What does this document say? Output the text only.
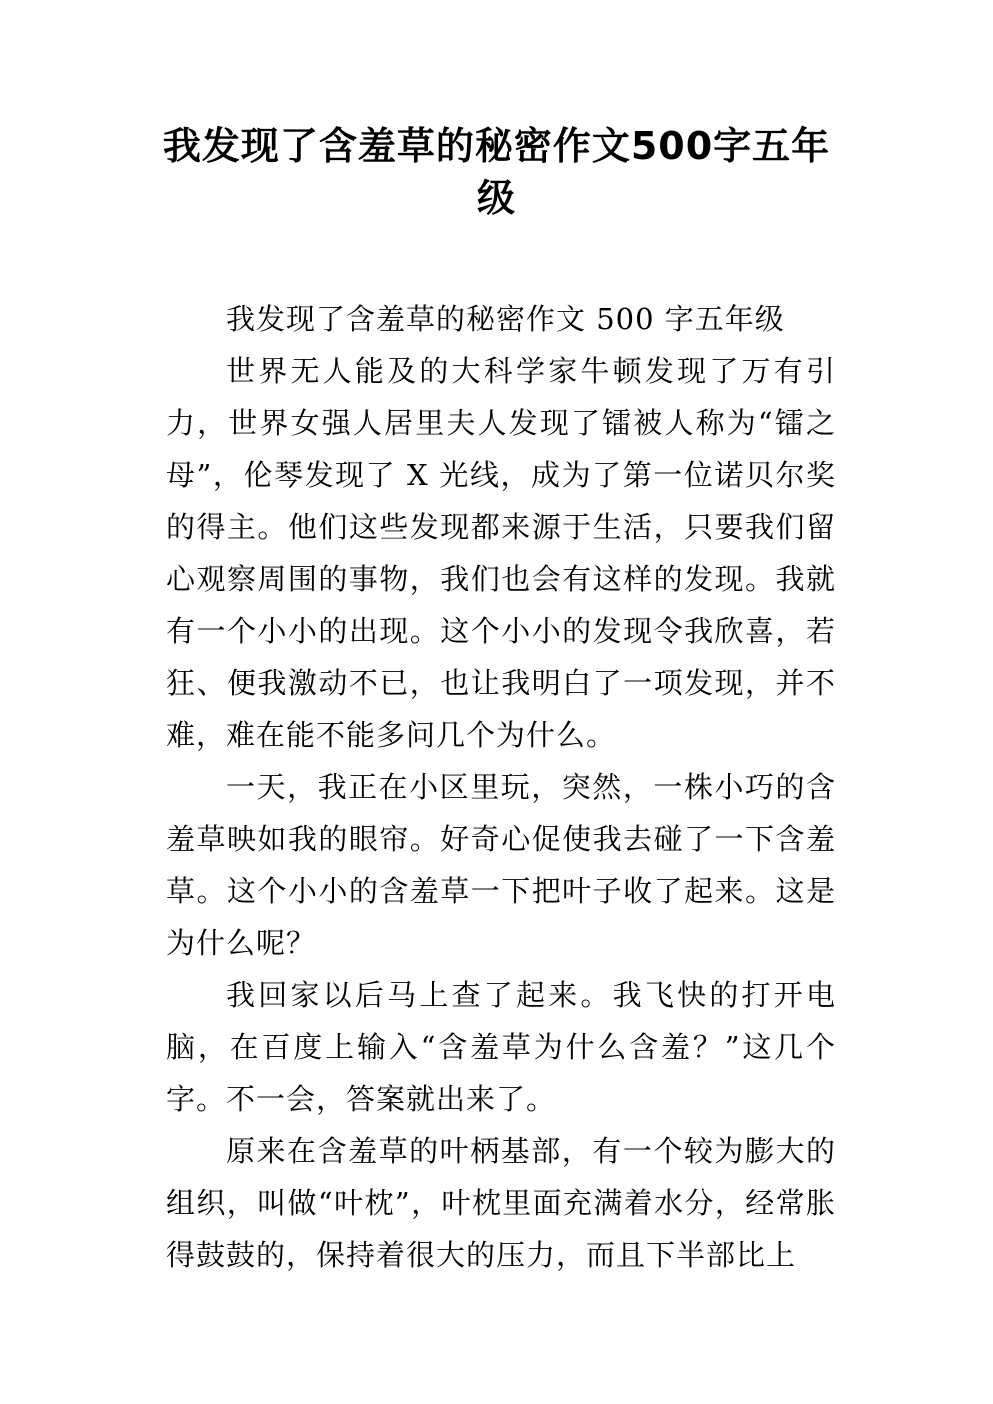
我发现了含羞草的秘密作文500字五年级

我发现了含羞草的秘密作文 500 字五年级

世界无人能及的大科学家牛顿发现了万有引力，世界女强人居里夫人发现了镭被人称为“镭之母”，伦琴发现了 X 光线，成为了第一位诺贝尔奖的得主。他们这些发现都来源于生活，只要我们留心观察周围的事物，我们也会有这样的发现。我就有一个小小的出现。这个小小的发现令我欣喜，若狂、便我激动不已，也让我明白了一项发现，并不难，难在能不能多问几个为什么。

一天，我正在小区里玩，突然，一株小巧的含羞草映如我的眼帘。好奇心促使我去碰了一下含羞草。这个小小的含羞草一下把叶子收了起来。这是为什么呢？

我回家以后马上查了起来。我飞快的打开电脑，在百度上输入“含羞草为什么含羞？”这几个字。不一会，答案就出来了。

原来在含羞草的叶柄基部，有一个较为膨大的组织，叫做“叶枕”，叶枕里面充满着水分，经常胀得鼓鼓的，保持着很大的压力，而且下半部比上
